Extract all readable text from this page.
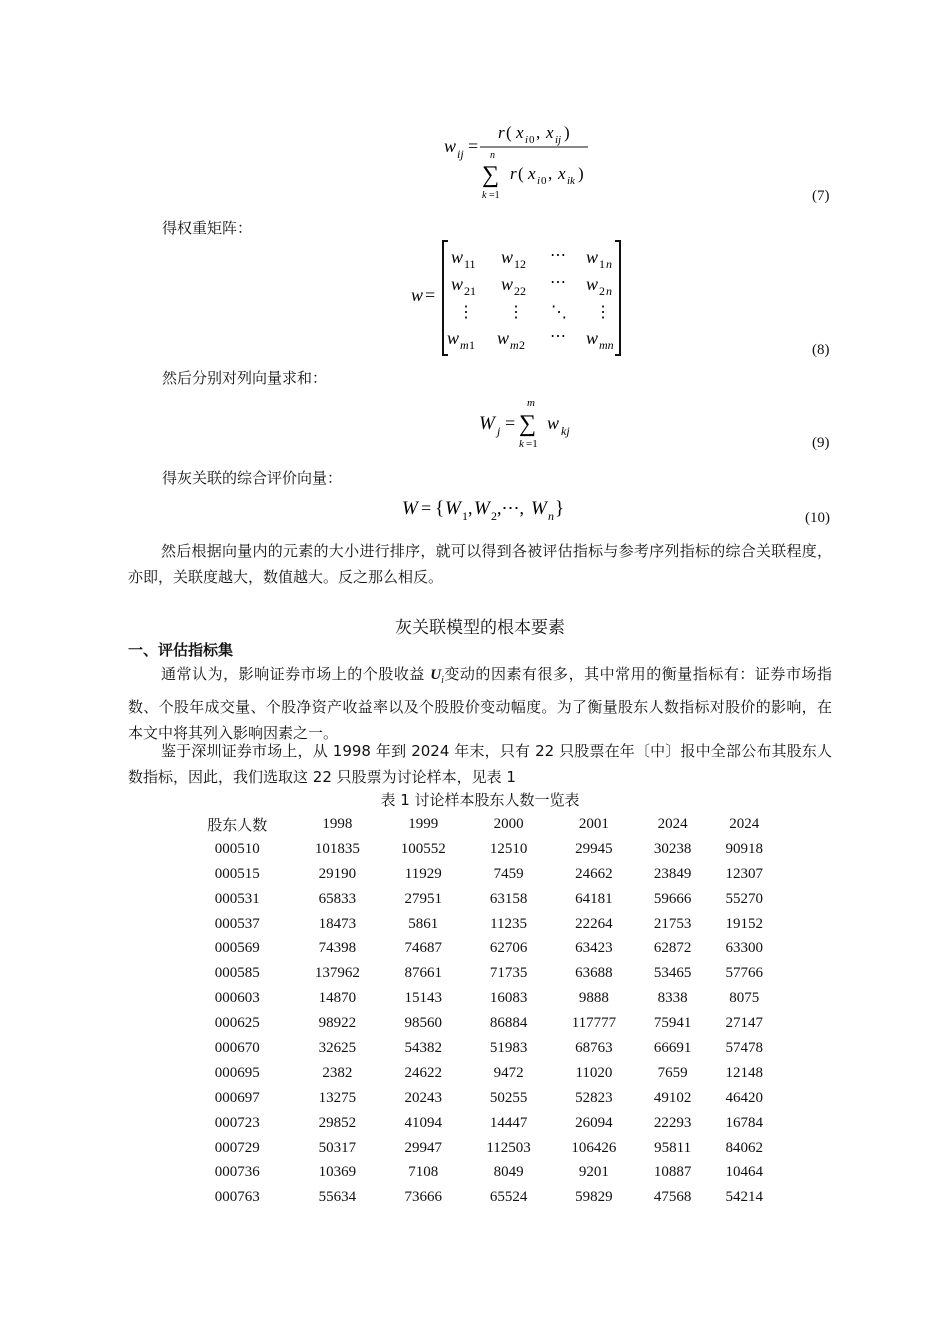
w ij =
r ( x i 0 , x ij )
n
∑
k =1
r ( x i 0 , x ik )
(7)
得权重矩阵：
w =
w 11 w 12 ⋯ w 1 n
w 21 w 22 ⋯ w 2 n
⋮ ⋮ ⋱ ⋮
w m 1 w m 2 ⋯ w mn	(8)
然后分别对列向量求和：
W j =
m
∑
k =1
w kj
(9)
得灰关联的综合评价向量：
W = { W 1 , W 2 ,⋯, W n }	(10)
然后根据向量内的元素的大小进行排序，就可以得到各被评估指标与参考序列指标的综合关联程度，亦即，关联度越大，数值越大。反之那么相反。
灰关联模型的根本要素
一、评估指标集
通常认为，影响证券市场上的个股收益 $U_i$变动的因素有很多，其中常用的衡量指标有：证券市场指数、个股年成交量、个股净资产收益率以及个股股价变动幅度。为了衡量股东人数指标对股价的影响，在本文中将其列入影响因素之一。
鉴于深圳证券市场上，从 1998 年到 2024 年末，只有 22 只股票在年〔中〕报中全部公布其股东人数指标，因此，我们选取这 22 只股票为讨论样本，见表 1
表 1 讨论样本股东人数一览表
股东人数	1998	1999	2000	2001	2024	2024
000510	101835	100552	12510	29945	30238	90918
000515	29190	11929	7459	24662	23849	12307
000531	65833	27951	63158	64181	59666	55270
000537	18473	5861	11235	22264	21753	19152
000569	74398	74687	62706	63423	62872	63300
000585	137962	87661	71735	63688	53465	57766
000603	14870	15143	16083	9888	8338	8075
000625	98922	98560	86884	117777	75941	27147
000670	32625	54382	51983	68763	66691	57478
000695	2382	24622	9472	11020	7659	12148
000697	13275	20243	50255	52823	49102	46420
000723	29852	41094	14447	26094	22293	16784
000729	50317	29947	112503	106426	95811	84062
000736	10369	7108	8049	9201	10887	10464
000763	55634	73666	65524	59829	47568	54214
